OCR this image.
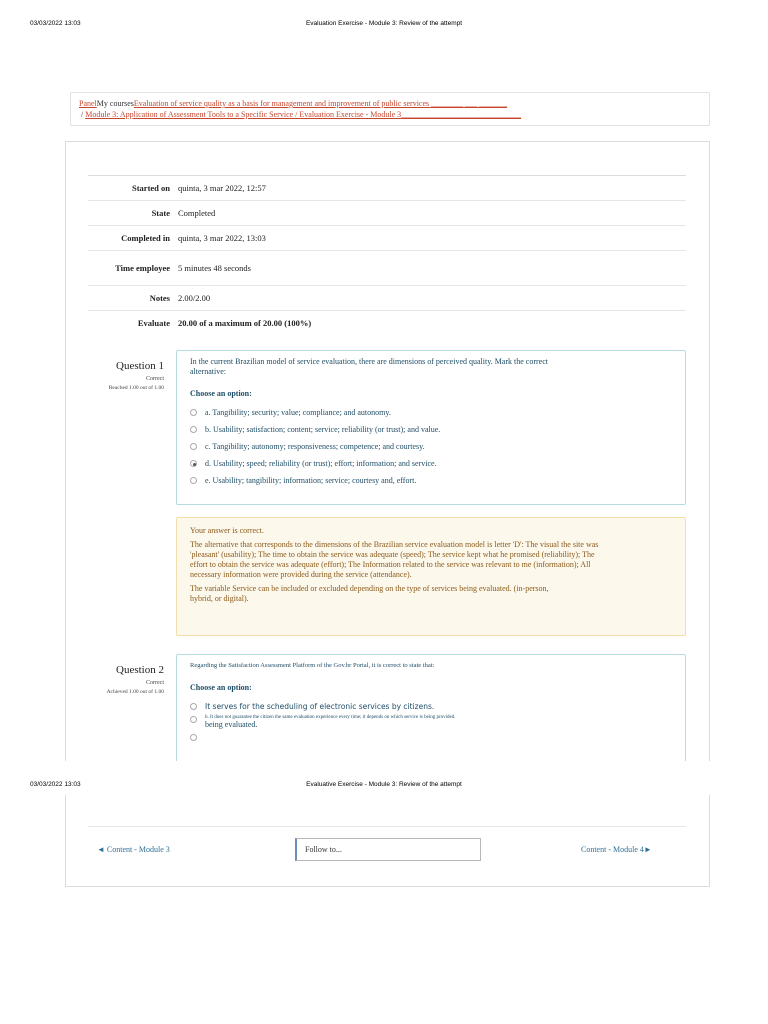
03/03/2022 13:03	Evaluation Exercise - Module 3: Review of the attempt
PanelMy coursesEvaluation of service quality as a basis for management and improvement of public services ________ ___ _______
/ Module 3: Application of Assessment Tools to a Specific Service / Evaluation Exercise - Module 3______________________________
Started on quinta, 3 mar 2022, 12:57
State Completed
Completed in quinta, 3 mar 2022, 13:03
Time employee 5 minutes 48 seconds
Notes 2.00/2.00
Evaluate 20.00 of a maximum of 20.00 (100%)
Question 1
Correct
Reached 1.00 out of 1.00
In the current Brazilian model of service evaluation, there are dimensions of perceived quality. Mark the correct alternative:
Choose an option:
a. Tangibility; security; value; compliance; and autonomy.
b. Usability; satisfaction; content; service; reliability (or trust); and value.
c. Tangibility; autonomy; responsiveness; competence; and courtesy.
d. Usability; speed; reliability (or trust); effort; information; and service.
e. Usability; tangibility; information; service; courtesy and, effort.

Your answer is correct.

The alternative that corresponds to the dimensions of the Brazilian service evaluation model is letter 'D': The visual the site was 'pleasant' (usability); The time to obtain the service was adequate (speed); The service kept what he promised (reliability); The effort to obtain the service was adequate (effort); The Information related to the service was relevant to me (information); All necessary information were provided during the service (attendance).

The variable Service can be included or excluded depending on the type of services being evaluated. (in-person, hybrid, or digital).

Question 2
Correct
Achieved 1.00 out of 1.00
Regarding the Satisfaction Assessment Platform of the Gov.br Portal, it is correct to state that:
Choose an option:
It serves for the scheduling of electronic services by citizens.
b. It does not guarantee the citizen the same evaluation experience every time; it depends on which service is being provided.
being evaluated.
03/03/2022 13:03	Evaluative Exercise - Module 3: Review of the attempt
◄ Content - Module 3	Follow to...	Content - Module 4►
